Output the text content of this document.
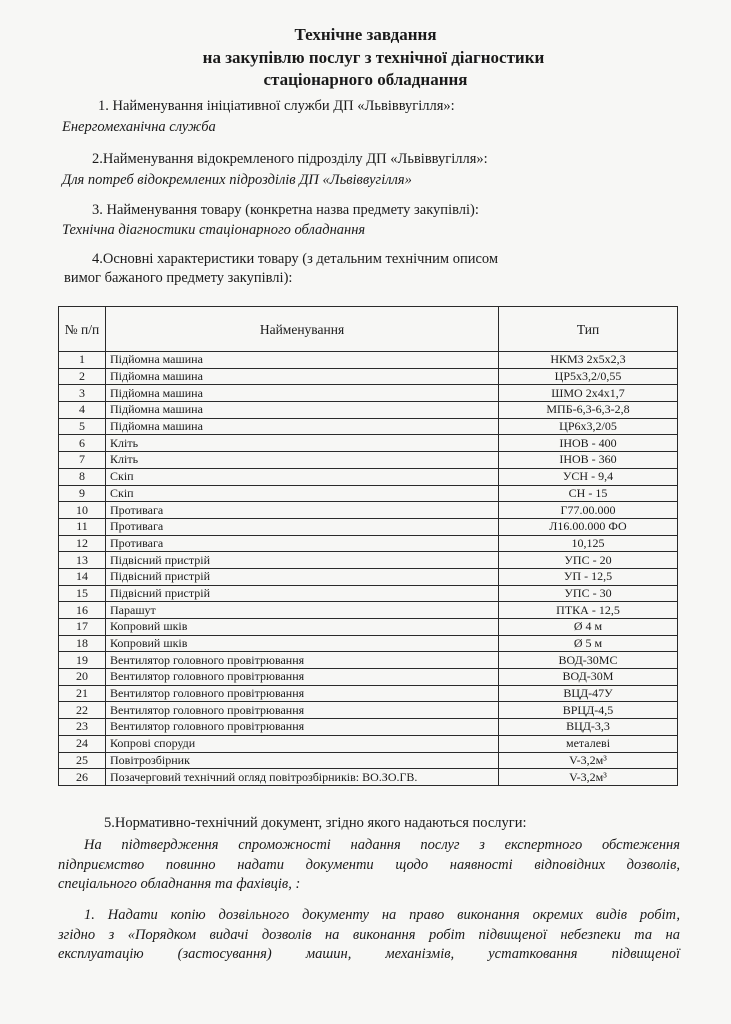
Технічне завдання
на закупівлю послуг з технічної діагностики
стаціонарного обладнання
1. Найменування ініціативної служби ДП «Львіввугілля»:
Енергомеханічна служба
2.Найменування відокремленого підрозділу ДП «Львіввугілля»:
Для потреб відокремлених підрозділів ДП «Львіввугілля»
3. Найменування товару (конкретна назва предмету закупівлі):
Технічна діагностики стаціонарного обладнання
4.Основні характеристики товару (з детальним технічним описом
вимог бажаного предмету закупівлі):
№ п/п	Найменування	Тип
1	Підйомна машина	НКМЗ 2х5х2,3
2	Підйомна машина	ЦР5х3,2/0,55
3	Підйомна машина	ШМО 2х4х1,7
4	Підйомна машина	МПБ-6,3-6,3-2,8
5	Підйомна машина	ЦР6х3,2/05
6	Кліть	ІНОВ - 400
7	Кліть	ІНОВ - 360
8	Скіп	УСН - 9,4
9	Скіп	СН - 15
10	Противага	Г77.00.000
11	Противага	Л16.00.000 ФО
12	Противага	10,125
13	Підвісний пристрій	УПС - 20
14	Підвісний пристрій	УП - 12,5
15	Підвісний пристрій	УПС - 30
16	Парашут	ПТКА - 12,5
17	Копровий шків	Ø 4 м
18	Копровий шків	Ø 5 м
19	Вентилятор головного провітрювання	ВОД-30МС
20	Вентилятор головного провітрювання	ВОД-30М
21	Вентилятор головного провітрювання	ВЦД-47У
22	Вентилятор головного провітрювання	ВРЦД-4,5
23	Вентилятор головного провітрювання	ВЦД-3,3
24	Копрові споруди	металеві
25	Повітрозбірник	V-3,2м³
26	Позачерговий технічний огляд повітрозбірників: ВО.ЗО.ГВ.	V-3,2м³
5.Нормативно-технічний документ, згідно якого надаються послуги:
На підтвердження спроможності надання послуг з експертного обстеження
підприємство повинно надати документи щодо наявності відповідних дозволів,
спеціального обладнання та фахівців, :
1. Надати копію дозвільного документу на право виконання окремих видів робіт,
згідно з «Порядком видачі дозволів на виконання робіт підвищеної небезпеки та на
експлуатацію (застосування) машин, механізмів, устатковання підвищеної
